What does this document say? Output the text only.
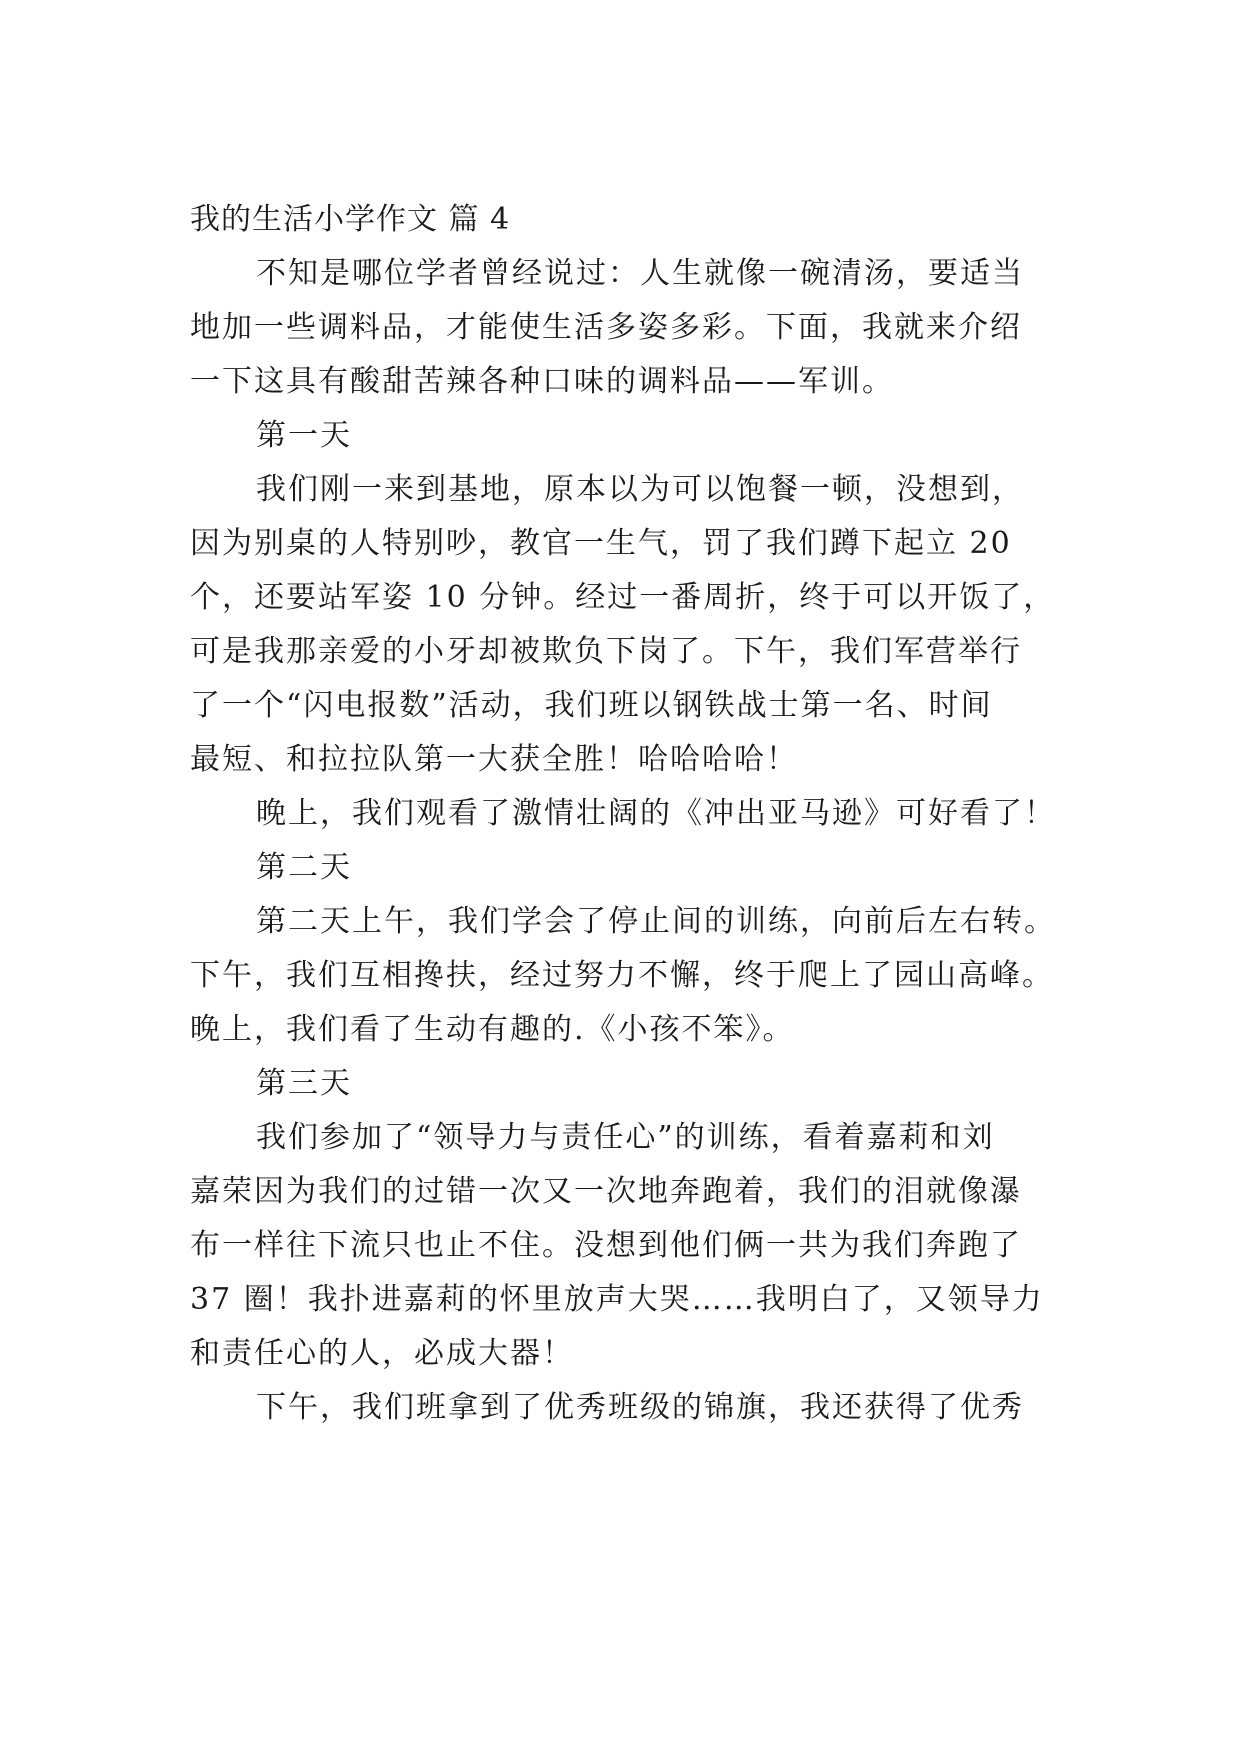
我的生活小学作文 篇 4
不知是哪位学者曾经说过：人生就像一碗清汤，要适当
地加一些调料品，才能使生活多姿多彩。下面，我就来介绍
一下这具有酸甜苦辣各种口味的调料品——军训。
第一天
我们刚一来到基地，原本以为可以饱餐一顿，没想到，
因为别桌的人特别吵，教官一生气，罚了我们蹲下起立 20
个，还要站军姿 10 分钟。经过一番周折，终于可以开饭了，
可是我那亲爱的小牙却被欺负下岗了。下午，我们军营举行
了一个“闪电报数”活动，我们班以钢铁战士第一名、时间
最短、和拉拉队第一大获全胜！哈哈哈哈！
晚上，我们观看了激情壮阔的《冲出亚马逊》可好看了！
第二天
第二天上午，我们学会了停止间的训练，向前后左右转。
下午，我们互相搀扶，经过努力不懈，终于爬上了园山高峰。
晚上，我们看了生动有趣的.《小孩不笨》。
第三天
我们参加了“领导力与责任心”的训练，看着嘉莉和刘
嘉荣因为我们的过错一次又一次地奔跑着，我们的泪就像瀑
布一样往下流只也止不住。没想到他们俩一共为我们奔跑了
37 圈！我扑进嘉莉的怀里放声大哭……我明白了，又领导力
和责任心的人，必成大器！
下午，我们班拿到了优秀班级的锦旗，我还获得了优秀
